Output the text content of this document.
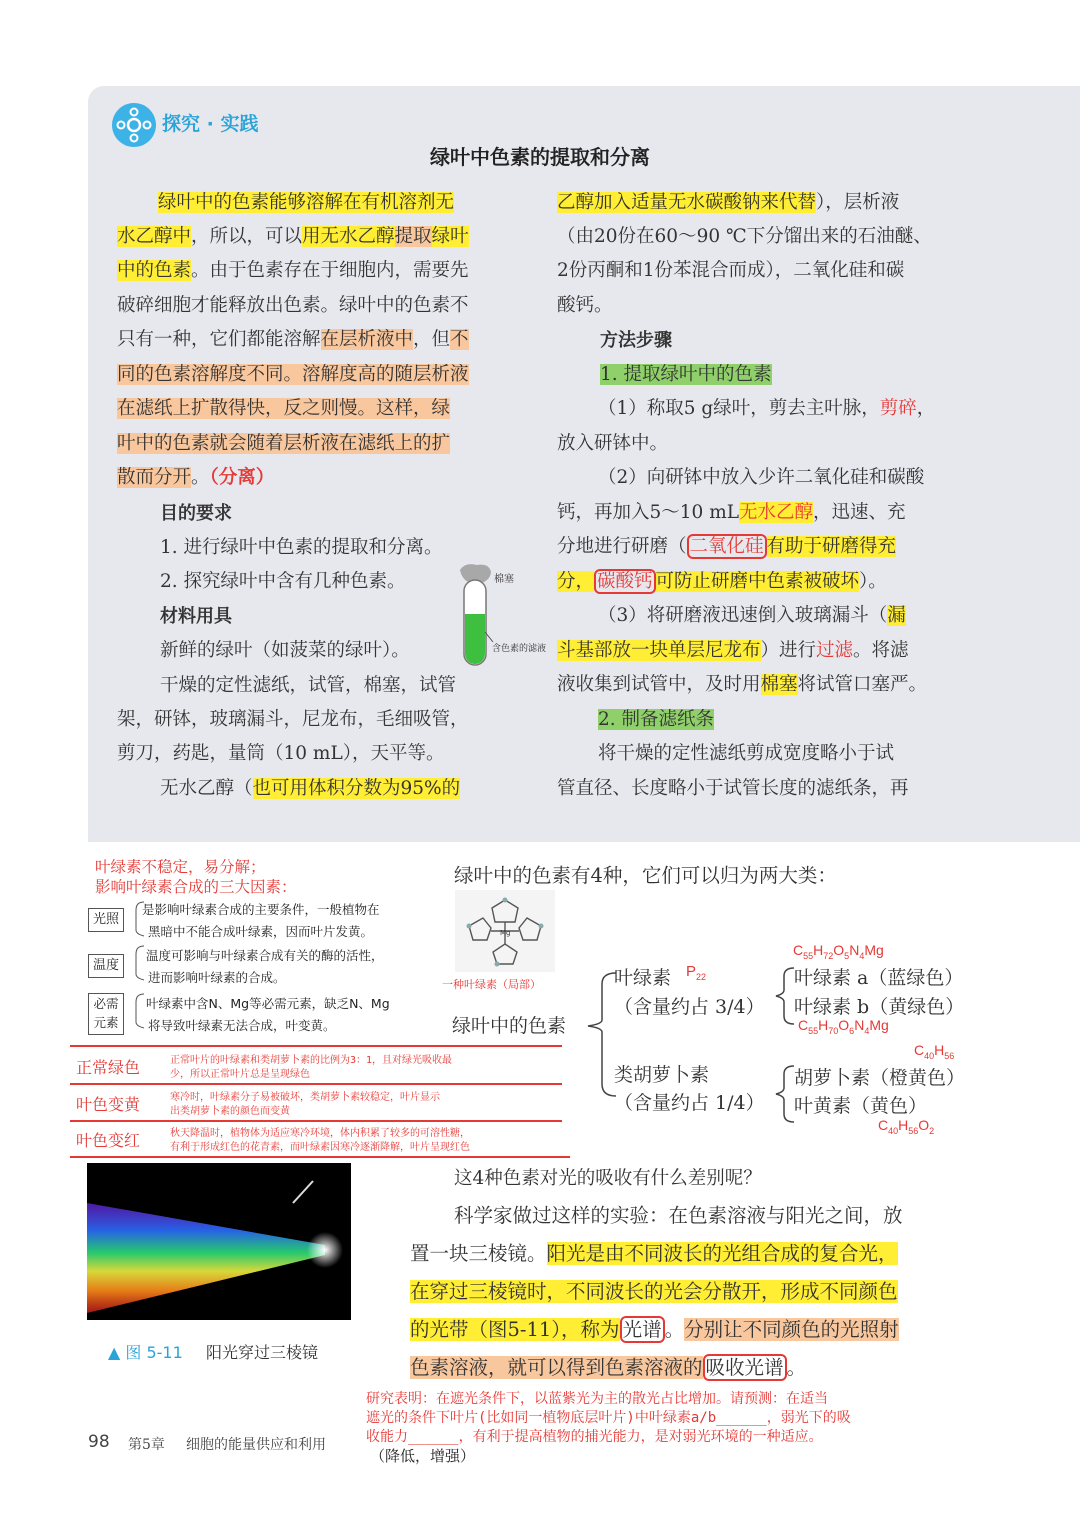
探究 · 实践
绿叶中色素的提取和分离
绿叶中的色素能够溶解在有机溶剂无
水乙醇中，所以，可以用无水乙醇提取绿叶
中的色素。由于色素存在于细胞内，需要先
破碎细胞才能释放出色素。绿叶中的色素不
只有一种，它们都能溶解在层析液中，但不
同的色素溶解度不同。溶解度高的随层析液
在滤纸上扩散得快，反之则慢。这样，绿
叶中的色素就会随着层析液在滤纸上的扩
散而分开。（分离）
目的要求
1. 进行绿叶中色素的提取和分离。
2. 探究绿叶中含有几种色素。
材料用具
新鲜的绿叶（如菠菜的绿叶）。
干燥的定性滤纸，试管，棉塞，试管
架，研钵，玻璃漏斗，尼龙布，毛细吸管，
剪刀，药匙，量筒（10 mL），天平等。
无水乙醇（也可用体积分数为95%的
棉塞
含色素的滤液
乙醇加入适量无水碳酸钠来代替），层析液
（由20份在60～90 ℃下分馏出来的石油醚、
2份丙酮和1份苯混合而成），二氧化硅和碳
酸钙。
方法步骤
1. 提取绿叶中的色素
（1）称取5 g绿叶，剪去主叶脉，剪碎，
放入研钵中。
（2）向研钵中放入少许二氧化硅和碳酸
钙，再加入5～10 mL无水乙醇，迅速、充
分地进行研磨（ 二氧化硅 有助于研磨得充
分， 碳酸钙 可防止研磨中色素被破坏）。
（3）将研磨液迅速倒入玻璃漏斗（漏
斗基部放一块单层尼龙布）进行过滤。将滤
液收集到试管中，及时用棉塞将试管口塞严。
2. 制备滤纸条
将干燥的定性滤纸剪成宽度略小于试
管直径、长度略小于试管长度的滤纸条，再
叶绿素不稳定，易分解；
影响叶绿素合成的三大因素：
光照
是影响叶绿素合成的主要条件，一般植物在
黑暗中不能合成叶绿素，因而叶片发黄。
温度
温度可影响与叶绿素合成有关的酶的活性，
进而影响叶绿素的合成。
必需元素
叶绿素中含N、Mg等必需元素，缺乏N、Mg
将导致叶绿素无法合成，叶变黄。
正常绿色	正常叶片的叶绿素和类胡萝卜素的比例为3：1，且对绿光吸收最
少，所以正常叶片总是呈现绿色
叶色变黄	寒冷时，叶绿素分子易被破坏，类胡萝卜素较稳定，叶片显示
出类胡萝卜素的颜色而变黄
叶色变红	秋天降温时，植物体为适应寒冷环境，体内积累了较多的可溶性糖，
有利于形成红色的花青素，而叶绿素因寒冷逐渐降解，叶片呈现红色
绿叶中的色素有4种，它们可以归为两大类：
Mg
一种叶绿素（局部）
绿叶中的色素
叶绿素 $P_{22}$
（含量约占 3/4）
$C_{55}H_{72}O_5N_4Mg$
叶绿素 a（蓝绿色）
叶绿素 b（黄绿色）
$C_{55}H_{70}O_6N_4Mg$
类胡萝卜素
（含量约占 1/4）
$C_{40}H_{56}$
胡萝卜素（橙黄色）
叶黄素（黄色）
$C_{40}H_{56}O_2$
▲ 图 5-11 阳光穿过三棱镜
这4种色素对光的吸收有什么差别呢？
科学家做过这样的实验：在色素溶液与阳光之间，放
置一块三棱镜。阳光是由不同波长的光组合成的复合光，
在穿过三棱镜时，不同波长的光会分散开，形成不同颜色
的光带（图5-11），称为 光谱 。分别让不同颜色的光照射
色素溶液，就可以得到色素溶液的 吸收光谱 。
研究表明：在遮光条件下，以蓝紫光为主的散光占比增加。请预测：在适当
遮光的条件下叶片(比如同一植物底层叶片)中叶绿素a/b______，弱光下的吸
收能力______，有利于提高植物的捕光能力，是对弱光环境的一种适应。
（降低，增强）
98 第5章 细胞的能量供应和利用
